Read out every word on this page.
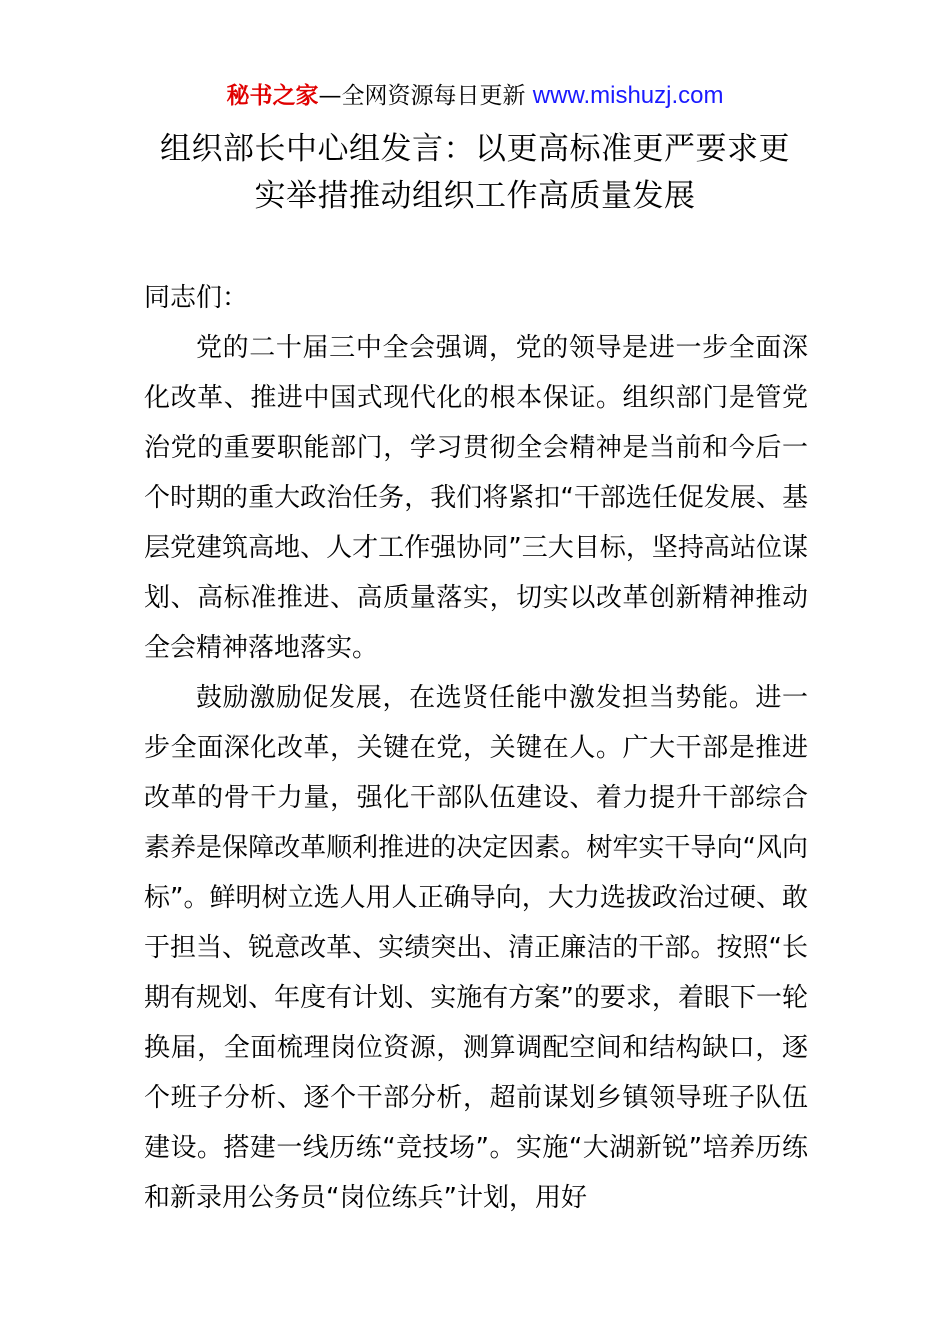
秘书之家—全网资源每日更新 www.mishuzj.com
组织部长中心组发言：以更高标准更严要求更
实举措推动组织工作高质量发展

同志们：

党的二十届三中全会强调，党的领导是进一步全面深化改革、推进中国式现代化的根本保证。组织部门是管党治党的重要职能部门，学习贯彻全会精神是当前和今后一个时期的重大政治任务，我们将紧扣“干部选任促发展、基层党建筑高地、人才工作强协同”三大目标，坚持高站位谋划、高标准推进、高质量落实，切实以改革创新精神推动全会精神落地落实。

鼓励激励促发展，在选贤任能中激发担当势能。进一步全面深化改革，关键在党，关键在人。广大干部是推进改革的骨干力量，强化干部队伍建设、着力提升干部综合素养是保障改革顺利推进的决定因素。树牢实干导向“风向标”。鲜明树立选人用人正确导向，大力选拔政治过硬、敢于担当、锐意改革、实绩突出、清正廉洁的干部。按照“长期有规划、年度有计划、实施有方案”的要求，着眼下一轮换届，全面梳理岗位资源，测算调配空间和结构缺口，逐个班子分析、逐个干部分析，超前谋划乡镇领导班子队伍建设。搭建一线历练“竞技场”。实施“大湖新锐”培养历练和新录用公务员“岗位练兵”计划，用好
